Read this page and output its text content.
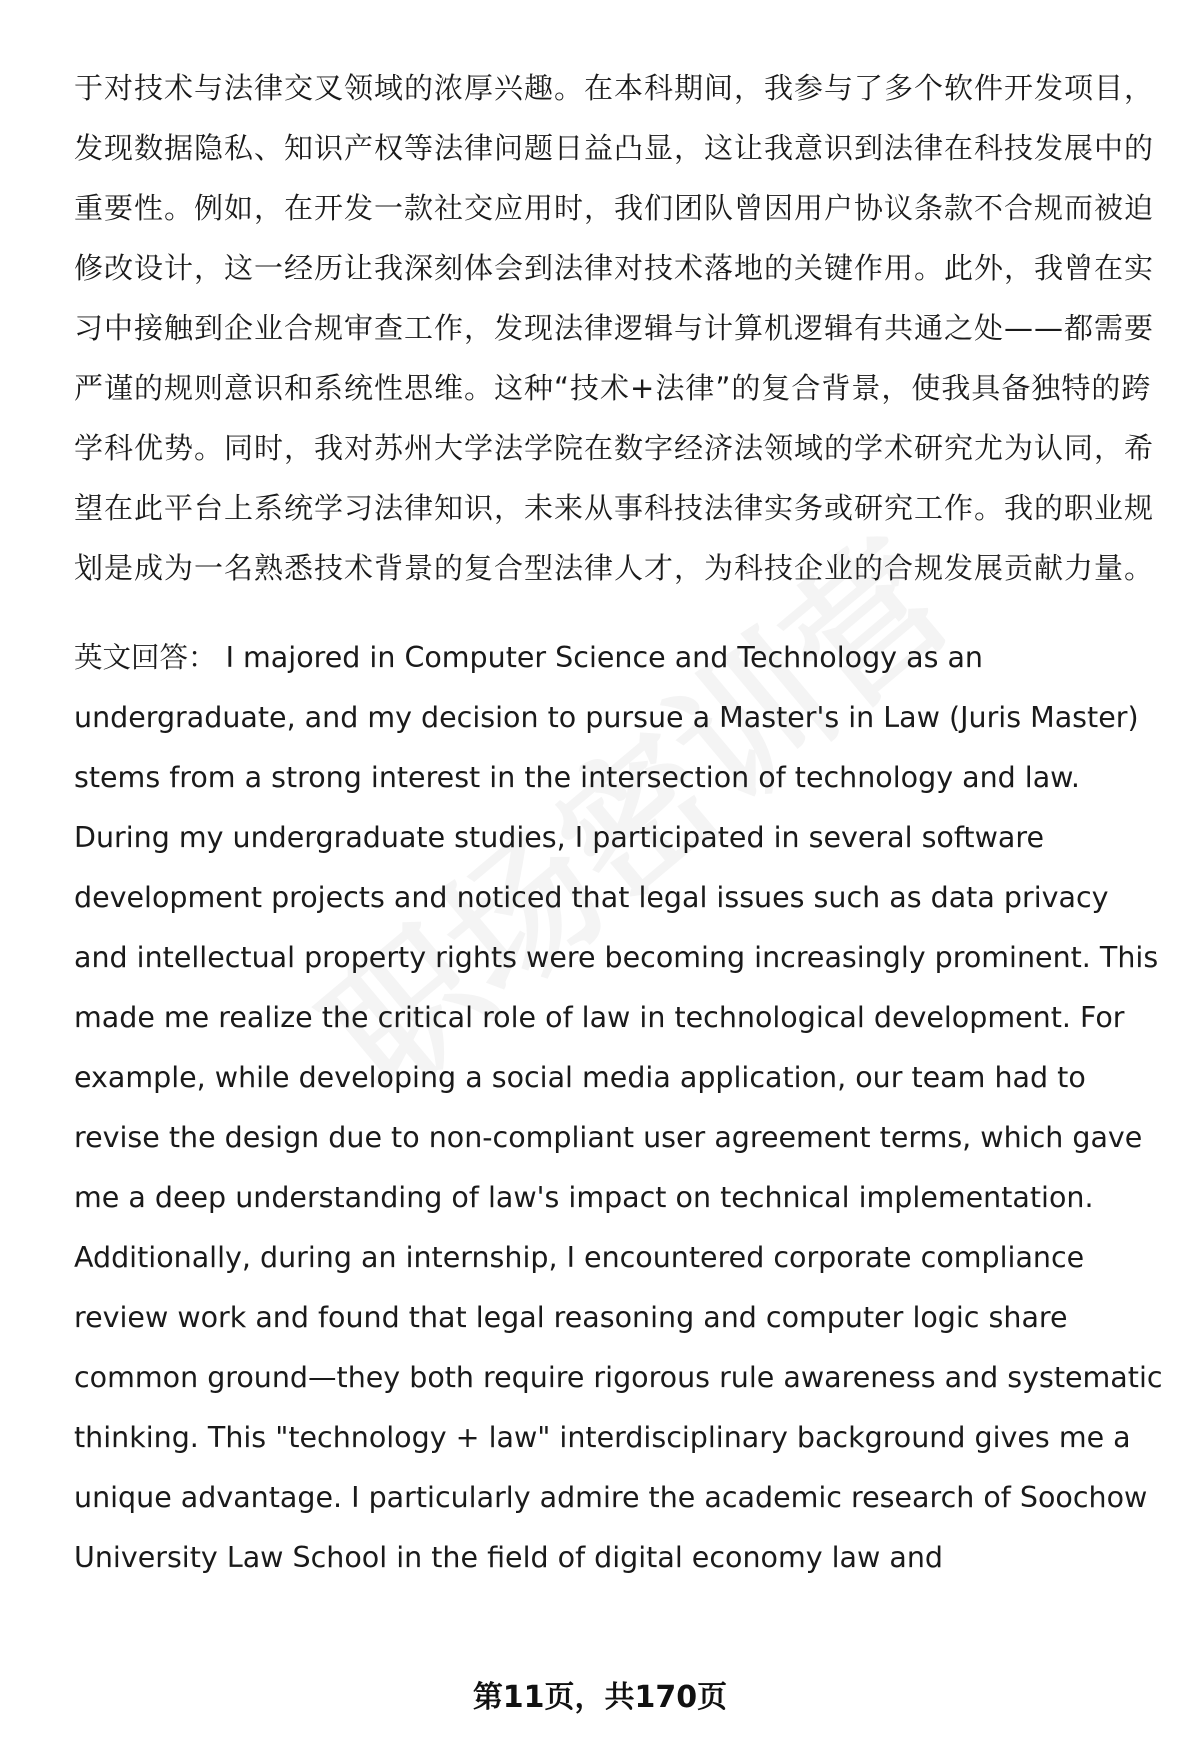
于对技术与法律交叉领域的浓厚兴趣。在本科期间，我参与了多个软件开发项目，发现数据隐私、知识产权等法律问题日益凸显，这让我意识到法律在科技发展中的重要性。例如，在开发一款社交应用时，我们团队曾因用户协议条款不合规而被迫修改设计，这一经历让我深刻体会到法律对技术落地的关键作用。此外，我曾在实习中接触到企业合规审查工作，发现法律逻辑与计算机逻辑有共通之处——都需要严谨的规则意识和系统性思维。这种“技术+法律”的复合背景，使我具备独特的跨学科优势。同时，我对苏州大学法学院在数字经济法领域的学术研究尤为认同，希望在此平台上系统学习法律知识，未来从事科技法律实务或研究工作。我的职业规划是成为一名熟悉技术背景的复合型法律人才，为科技企业的合规发展贡献力量。

英文回答： I majored in Computer Science and Technology as an undergraduate, and my decision to pursue a Master's in Law (Juris Master) stems from a strong interest in the intersection of technology and law. During my undergraduate studies, I participated in several software development projects and noticed that legal issues such as data privacy and intellectual property rights were becoming increasingly prominent. This made me realize the critical role of law in technological development. For example, while developing a social media application, our team had to revise the design due to non-compliant user agreement terms, which gave me a deep understanding of law's impact on technical implementation. Additionally, during an internship, I encountered corporate compliance review work and found that legal reasoning and computer logic share common ground—they both require rigorous rule awareness and systematic thinking. This "technology + law" interdisciplinary background gives me a unique advantage. I particularly admire the academic research of Soochow University Law School in the field of digital economy law and

第11页，共170页
